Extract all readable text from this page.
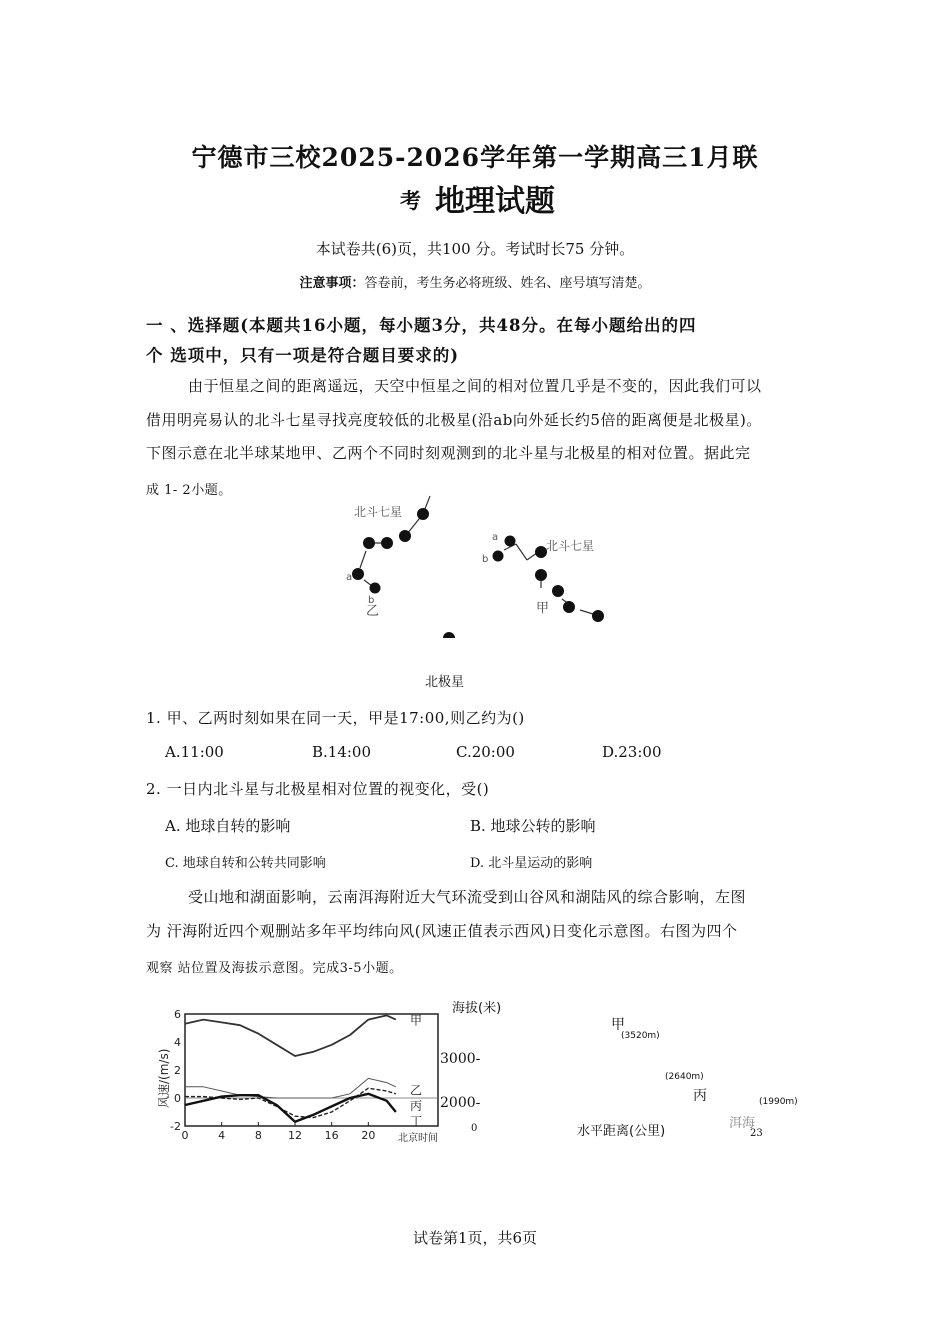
宁德市三校2025-2026学年第一学期高三1月联
考 地理试题
本试卷共(6)页，共100 分。考试时长75 分钟。
注意事项：答卷前，考生务必将班级、姓名、座号填写清楚。
一 、选择题(本题共16小题，每小题3分，共48分。在每小题给出的四
个 选项中，只有一项是符合题目要求的)
由于恒星之间的距离遥远，天空中恒星之间的相对位置几乎是不变的，因此我们可以
借用明亮易认的北斗七星寻找亮度较低的北极星(沿ab向外延长约5倍的距离便是北极星)。
下图示意在北半球某地甲、乙两个不同时刻观测到的北斗星与北极星的相对位置。据此完
成 1- 2小题。
北斗七星
a
b
乙
北斗七星
a
b
甲
北极星
1. 甲、乙两时刻如果在同一天，甲是17:00,则乙约为()
A.11:00	B.14:00	C.20:00	D.23:00
2. 一日内北斗星与北极星相对位置的视变化，受()
A. 地球自转的影响	B. 地球公转的影响
C. 地球自转和公转共同影响	D. 北斗星运动的影响
受山地和湖面影响，云南洱海附近大气环流受到山谷风和湖陆风的综合影响，左图
为 汗海附近四个观删站多年平均纬向风(风速正值表示西风)日变化示意图。右图为四个
观察 站位置及海拔示意图。完成3-5小题。
0	4	8 12 16 20
6
4
2
0
-2
甲
乙
丙
丁
风速/(m/s)
北京时间
海拔(米)
3000-
2000-
0	水平距离(公里)
甲
(3520m)
(2640m)
丙	(1990m)
洱海
23
试卷第1页，共6页
